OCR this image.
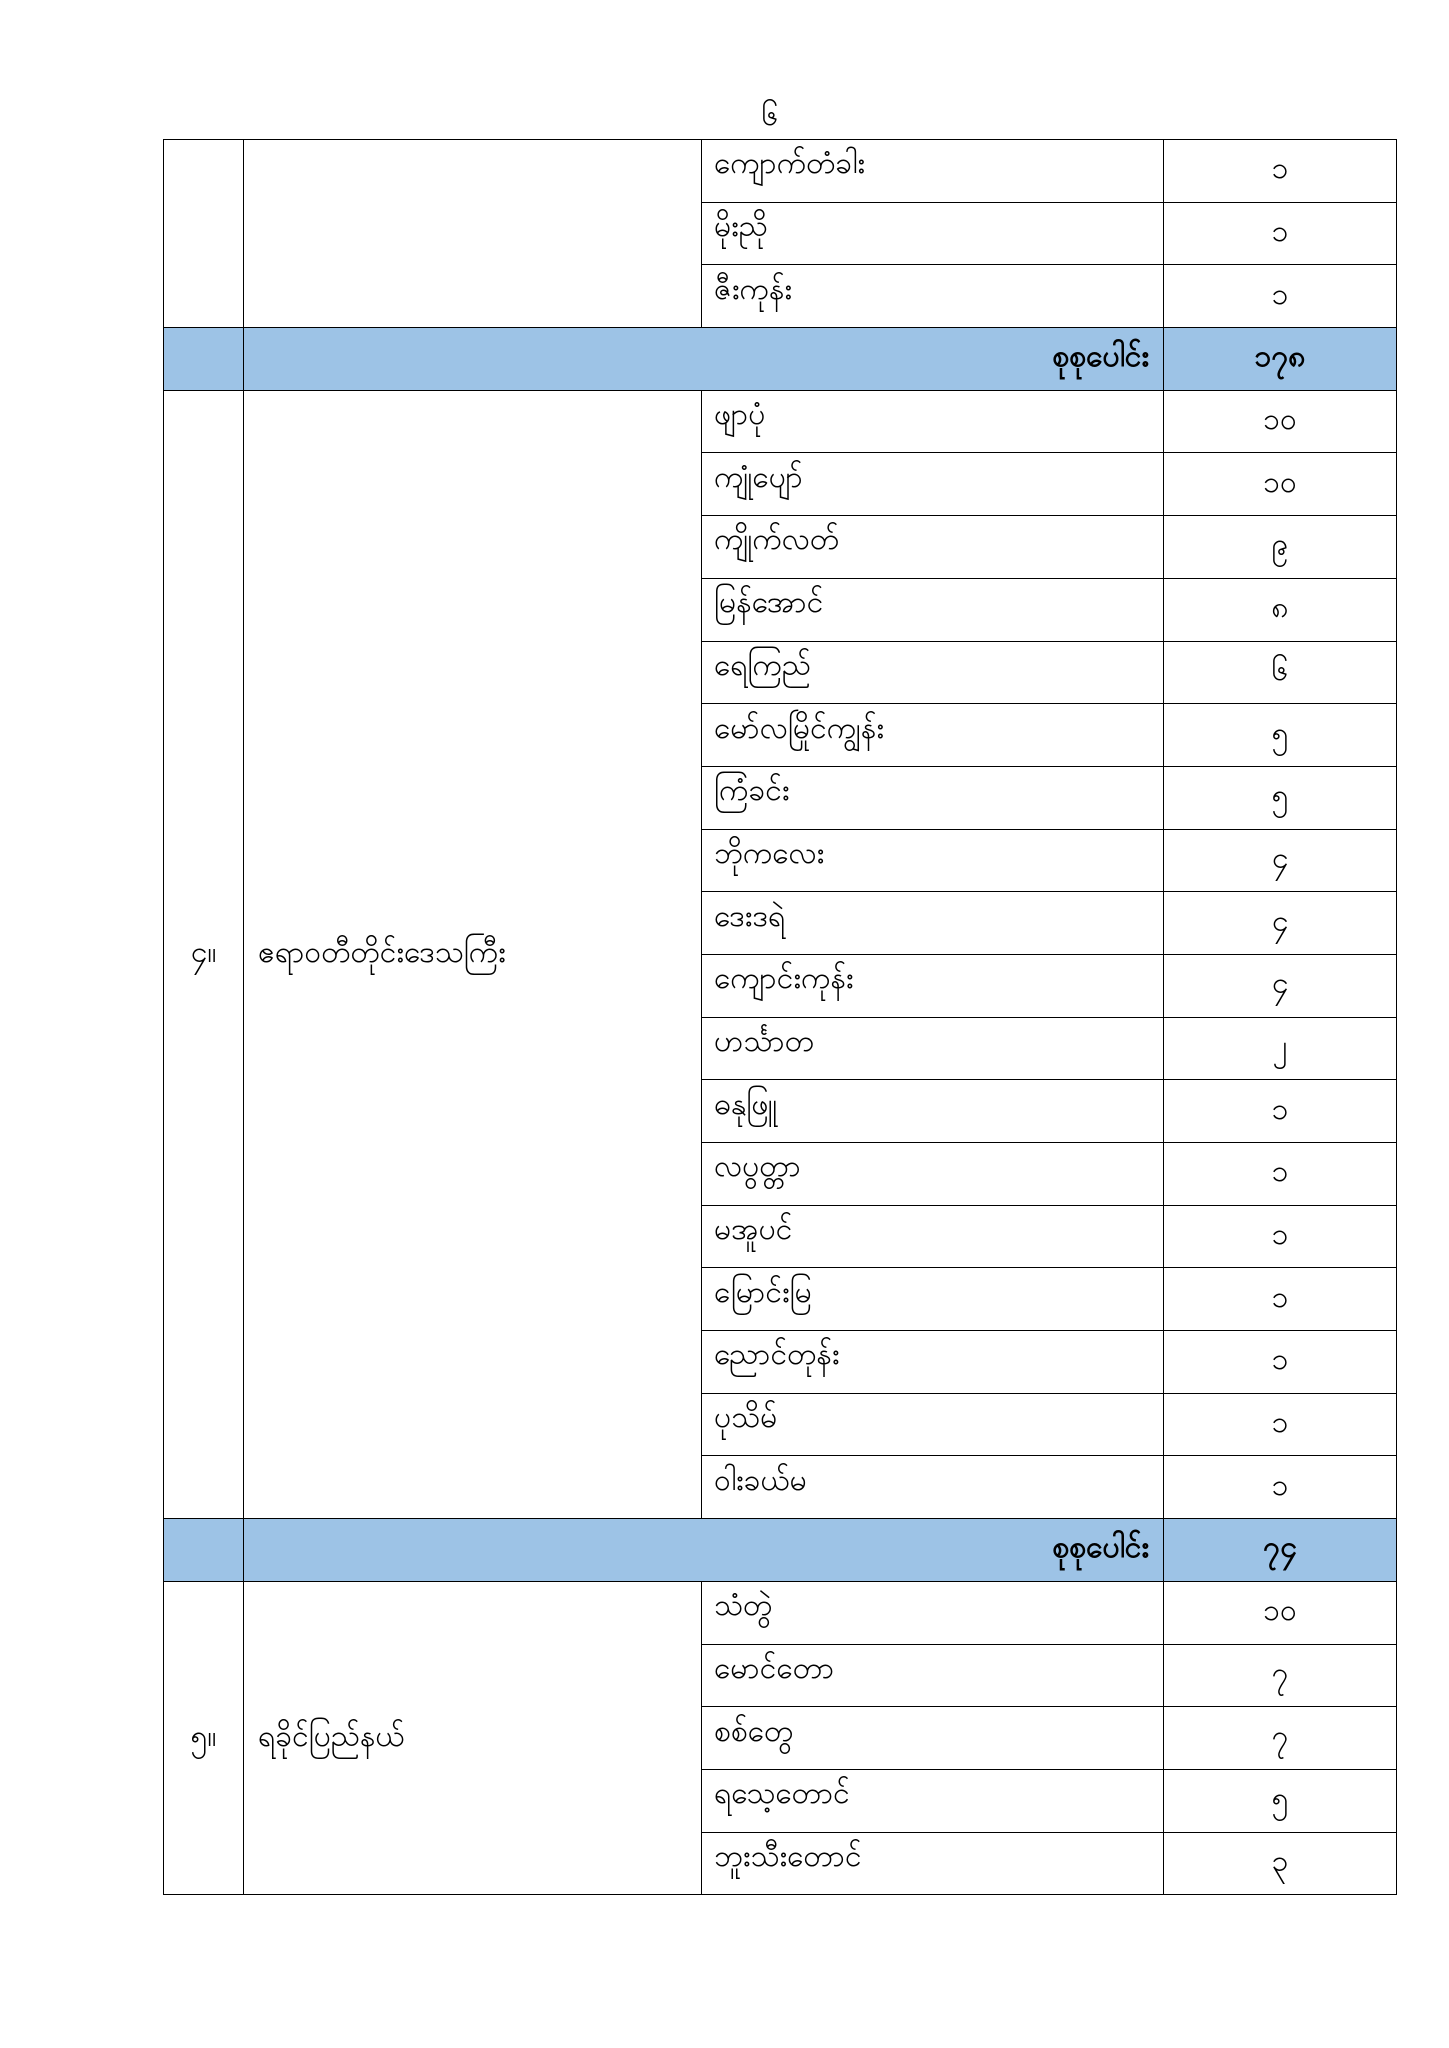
၆
		ကျောက်တံခါး	၁
		မိုးညို	၁
		ဇီးကုန်း	၁
	စုစုပေါင်း		၁၇၈
၄။	ဧရာဝတီတိုင်းဒေသကြီး	ဖျာပုံ	၁၀
		ကျုံပျော်	၁၀
		ကျိုက်လတ်	၉
		မြန်အောင်	၈
		ရေကြည်	၆
		မော်လမြိုင်ကျွန်း	၅
		ကြံခင်း	၅
		ဘိုကလေး	၄
		ဒေးဒရဲ	၄
		ကျောင်းကုန်း	၄
		ဟင်္သာတ	၂
		ဓနုဖြူ	၁
		လပွတ္တာ	၁
		မအူပင်	၁
		မြောင်းမြ	၁
		ညောင်တုန်း	၁
		ပုသိမ်	၁
		ဝါးခယ်မ	၁
	စုစုပေါင်း		၇၄
၅။	ရခိုင်ပြည်နယ်	သံတွဲ	၁၀
		မောင်တော	၇
		စစ်တွေ	၇
		ရသေ့တောင်	၅
		ဘူးသီးတောင်	၃
